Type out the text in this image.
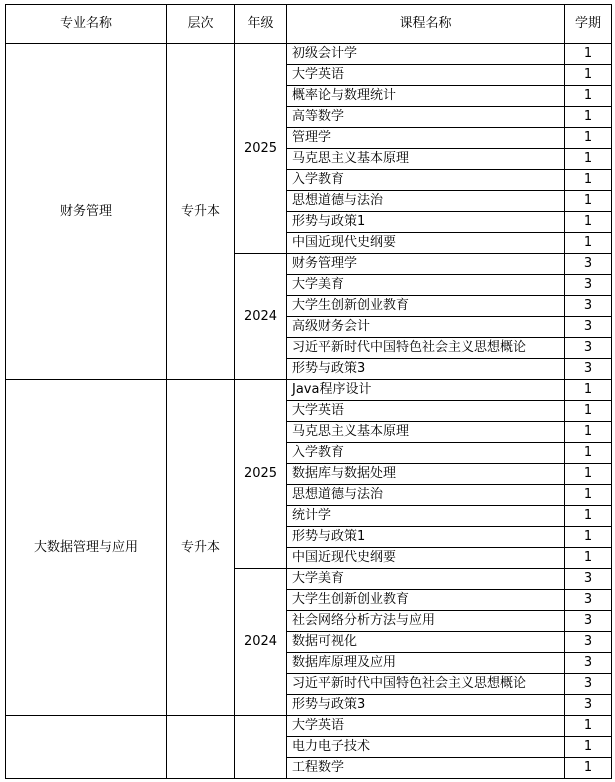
专业名称	层次	年级	课程名称	学期
财务管理	专升本	2025	初级会计学	1
			大学英语	1
			概率论与数理统计	1
			高等数学	1
			管理学	1
			马克思主义基本原理	1
			入学教育	1
			思想道德与法治	1
			形势与政策1	1
			中国近现代史纲要	1
		2024	财务管理学	3
			大学美育	3
			大学生创新创业教育	3
			高级财务会计	3
			习近平新时代中国特色社会主义思想概论	3
			形势与政策3	3
大数据管理与应用	专升本	2025	Java程序设计	1
			大学英语	1
			马克思主义基本原理	1
			入学教育	1
			数据库与数据处理	1
			思想道德与法治	1
			统计学	1
			形势与政策1	1
			中国近现代史纲要	1
		2024	大学美育	3
			大学生创新创业教育	3
			社会网络分析方法与应用	3
			数据可视化	3
			数据库原理及应用	3
			习近平新时代中国特色社会主义思想概论	3
			形势与政策3	3
			大学英语	1
			电力电子技术	1
			工程数学	1
